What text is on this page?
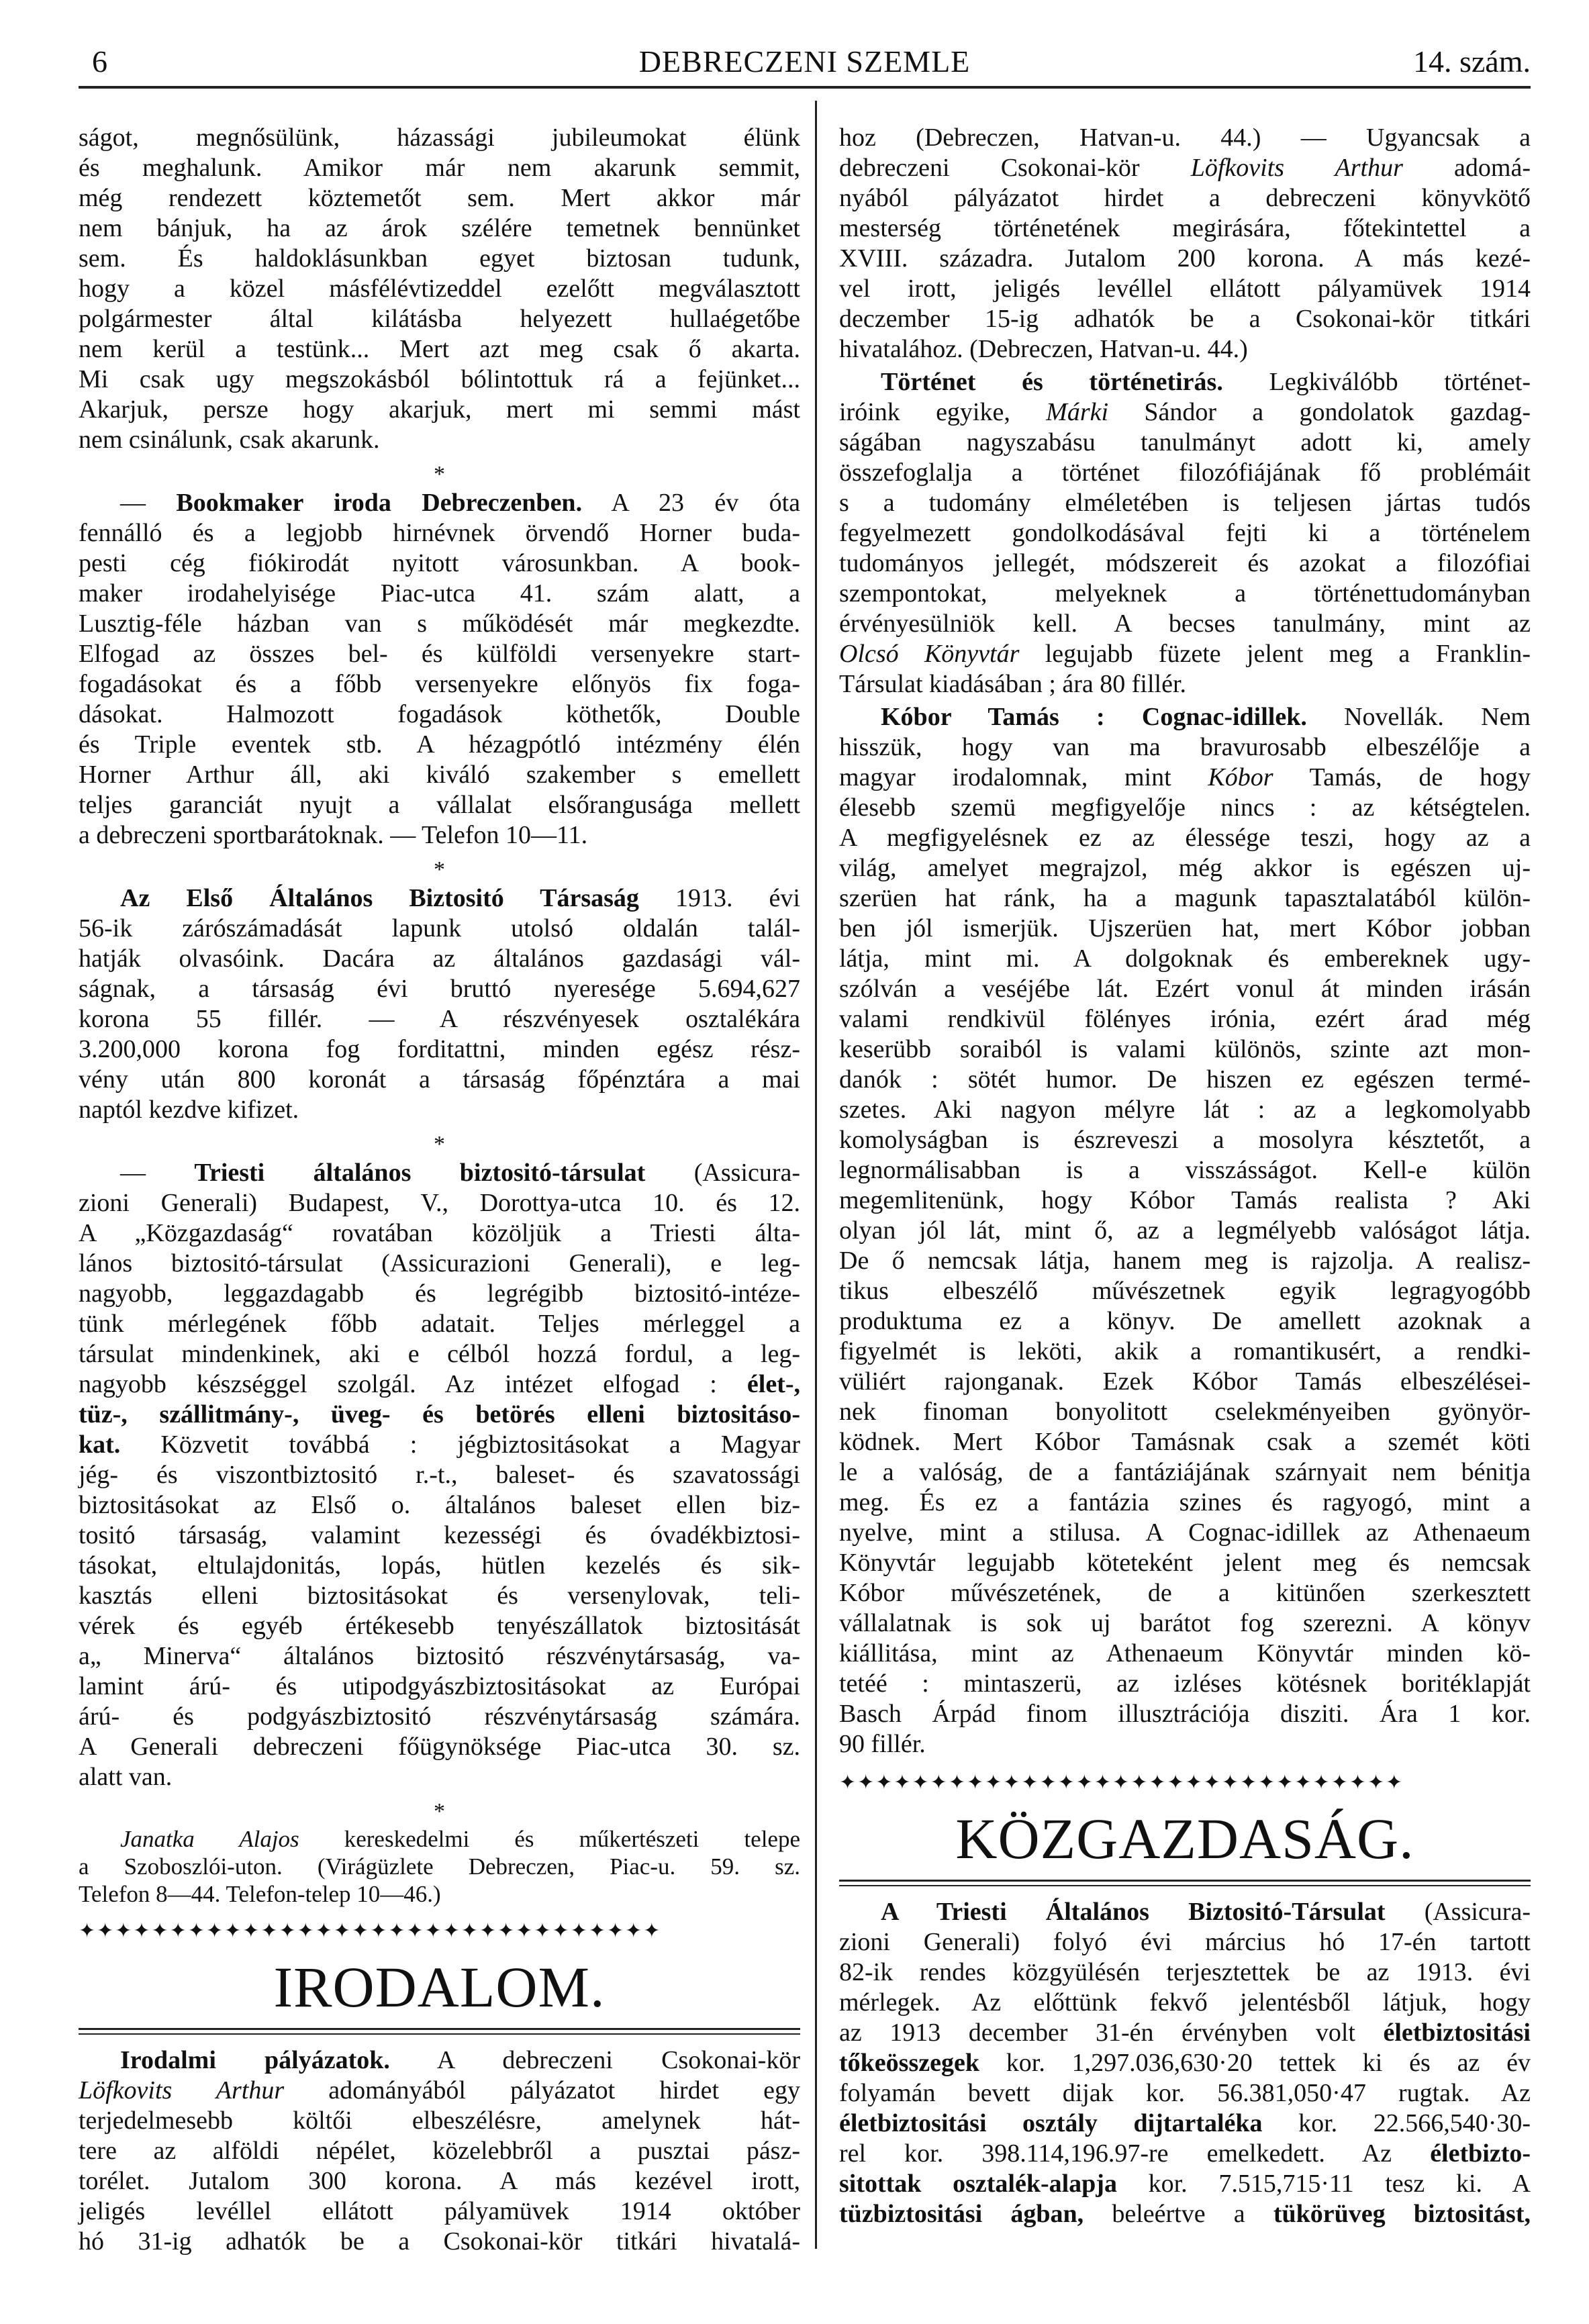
6	DEBRECZENI SZEMLE	14. szám.
ságot, megnősülünk, házassági jubileumokat élünk
és meghalunk. Amikor már nem akarunk semmit,
még rendezett köztemetőt sem. Mert akkor már
nem bánjuk, ha az árok szélére temetnek bennünket
sem. És haldoklásunkban egyet biztosan tudunk,
hogy a közel másfélévtizeddel ezelőtt megválasztott
polgármester által kilátásba helyezett hullaégetőbe
nem kerül a testünk... Mert azt meg csak ő akarta.
Mi csak ugy megszokásból bólintottuk rá a fejünket...
Akarjuk, persze hogy akarjuk, mert mi semmi mást
nem csinálunk, csak akarunk.
*
— Bookmaker iroda Debreczenben. A 23 év óta
fennálló és a legjobb hirnévnek örvendő Horner buda-
pesti cég fiókirodát nyitott városunkban. A book-
maker irodahelyisége Piac-utca 41. szám alatt, a
Lusztig-féle házban van s működését már megkezdte.
Elfogad az összes bel- és külföldi versenyekre start-
fogadásokat és a főbb versenyekre előnyös fix foga-
dásokat. Halmozott fogadások köthetők, Double
és Triple eventek stb. A hézagpótló intézmény élén
Horner Arthur áll, aki kiváló szakember s emellett
teljes garanciát nyujt a vállalat elsőrangusága mellett
a debreczeni sportbarátoknak. — Telefon 10—11.
*
Az Első Általános Biztositó Társaság 1913. évi
56-ik zárószámadását lapunk utolsó oldalán talál-
hatják olvasóink. Dacára az általános gazdasági vál-
ságnak, a társaság évi bruttó nyeresége 5.694,627
korona 55 fillér. — A részvényesek osztalékára
3.200,000 korona fog forditattni, minden egész rész-
vény után 800 koronát a társaság főpénztára a mai
naptól kezdve kifizet.
*
— Triesti általános biztositó-társulat (Assicura-
zioni Generali) Budapest, V., Dorottya-utca 10. és 12.
A „Közgazdaság“ rovatában közöljük a Triesti álta-
lános biztositó-társulat (Assicurazioni Generali), e leg-
nagyobb, leggazdagabb és legrégibb biztositó-intéze-
tünk mérlegének főbb adatait. Teljes mérleggel a
társulat mindenkinek, aki e célból hozzá fordul, a leg-
nagyobb készséggel szolgál. Az intézet elfogad : élet-,
tüz-, szállitmány-, üveg- és betörés elleni biztositáso-
kat. Közvetit továbbá : jégbiztositásokat a Magyar
jég- és viszontbiztositó r.-t., baleset- és szavatossági
biztositásokat az Első o. általános baleset ellen biz-
tositó társaság, valamint kezességi és óvadékbiztosi-
tásokat, eltulajdonitás, lopás, hütlen kezelés és sik-
kasztás elleni biztositásokat és versenylovak, teli-
vérek és egyéb értékesebb tenyészállatok biztositását
a„ Minerva“ általános biztositó részvénytársaság, va-
lamint árú- és utipodgyászbiztositásokat az Európai
árú- és podgyászbiztositó részvénytársaság számára.
A Generali debreczeni főügynöksége Piac-utca 30. sz.
alatt van.
*
Janatka Alajos kereskedelmi és műkertészeti telepe
a Szoboszlói-uton. (Virágüzlete Debreczen, Piac-u. 59. sz.
Telefon 8—44. Telefon-telep 10—46.)
✦✦✦✦✦✦✦✦✦✦✦✦✦✦✦✦✦✦✦✦✦✦✦✦✦✦✦✦✦✦✦✦
IRODALOM.
Irodalmi pályázatok. A debreczeni Csokonai-kör
Löfkovits Arthur adományából pályázatot hirdet egy
terjedelmesebb költői elbeszélésre, amelynek hát-
tere az alföldi népélet, közelebbről a pusztai pász-
torélet. Jutalom 300 korona. A más kezével irott,
jeligés levéllel ellátott pályamüvek 1914 október
hó 31-ig adhatók be a Csokonai-kör titkári hivatalá-
hoz (Debreczen, Hatvan-u. 44.) — Ugyancsak a
debreczeni Csokonai-kör Löfkovits Arthur adomá-
nyából pályázatot hirdet a debreczeni könyvkötő
mesterség történetének megirására, főtekintettel a
XVIII. századra. Jutalom 200 korona. A más kezé-
vel irott, jeligés levéllel ellátott pályamüvek 1914
deczember 15-ig adhatók be a Csokonai-kör titkári
hivatalához. (Debreczen, Hatvan-u. 44.)
Történet és történetirás. Legkiválóbb történet-
iróink egyike, Márki Sándor a gondolatok gazdag-
ságában nagyszabásu tanulmányt adott ki, amely
összefoglalja a történet filozófiájának fő problémáit
s a tudomány elméletében is teljesen jártas tudós
fegyelmezett gondolkodásával fejti ki a történelem
tudományos jellegét, módszereit és azokat a filozófiai
szempontokat, melyeknek a történettudományban
érvényesülniök kell. A becses tanulmány, mint az
Olcsó Könyvtár legujabb füzete jelent meg a Franklin-
Társulat kiadásában ; ára 80 fillér.
Kóbor Tamás : Cognac-idillek. Novellák. Nem
hisszük, hogy van ma bravurosabb elbeszélője a
magyar irodalomnak, mint Kóbor Tamás, de hogy
élesebb szemü megfigyelője nincs : az kétségtelen.
A megfigyelésnek ez az élessége teszi, hogy az a
világ, amelyet megrajzol, még akkor is egészen uj-
szerüen hat ránk, ha a magunk tapasztalatából külön-
ben jól ismerjük. Ujszerüen hat, mert Kóbor jobban
látja, mint mi. A dolgoknak és embereknek ugy-
szólván a veséjébe lát. Ezért vonul át minden irásán
valami rendkivül fölényes irónia, ezért árad még
keserübb soraiból is valami különös, szinte azt mon-
danók : sötét humor. De hiszen ez egészen termé-
szetes. Aki nagyon mélyre lát : az a legkomolyabb
komolyságban is észreveszi a mosolyra késztetőt, a
legnormálisabban is a visszásságot. Kell-e külön
megemlitenünk, hogy Kóbor Tamás realista ? Aki
olyan jól lát, mint ő, az a legmélyebb valóságot látja.
De ő nemcsak látja, hanem meg is rajzolja. A realisz-
tikus elbeszélő művészetnek egyik legragyogóbb
produktuma ez a könyv. De amellett azoknak a
figyelmét is leköti, akik a romantikusért, a rendki-
vüliért rajonganak. Ezek Kóbor Tamás elbeszélései-
nek finoman bonyolitott cselekményeiben gyönyör-
ködnek. Mert Kóbor Tamásnak csak a szemét köti
le a valóság, de a fantáziájának szárnyait nem bénitja
meg. És ez a fantázia szines és ragyogó, mint a
nyelve, mint a stilusa. A Cognac-idillek az Athenaeum
Könyvtár legujabb köteteként jelent meg és nemcsak
Kóbor művészetének, de a kitünően szerkesztett
vállalatnak is sok uj barátot fog szerezni. A könyv
kiállitása, mint az Athenaeum Könyvtár minden kö-
tetéé : mintaszerü, az izléses kötésnek boritéklapját
Basch Árpád finom illusztrációja disziti. Ára 1 kor.
90 fillér.
✦✦✦✦✦✦✦✦✦✦✦✦✦✦✦✦✦✦✦✦✦✦✦✦✦✦✦✦✦✦✦
KÖZGAZDASÁG.
A Triesti Általános Biztositó-Társulat (Assicura-
zioni Generali) folyó évi március hó 17-én tartott
82-ik rendes közgyülésén terjesztettek be az 1913. évi
mérlegek. Az előttünk fekvő jelentésből látjuk, hogy
az 1913 december 31-én érvényben volt életbiztositási
tőkeösszegek kor. 1,297.036,630·20 tettek ki és az év
folyamán bevett dijak kor. 56.381,050·47 rugtak. Az
életbiztositási osztály dijtartaléka kor. 22.566,540·30-
rel kor. 398.114,196.97-re emelkedett. Az életbizto-
sitottak osztalék-alapja kor. 7.515,715·11 tesz ki. A
tüzbiztositási ágban, beleértve a tükörüveg biztositást,
